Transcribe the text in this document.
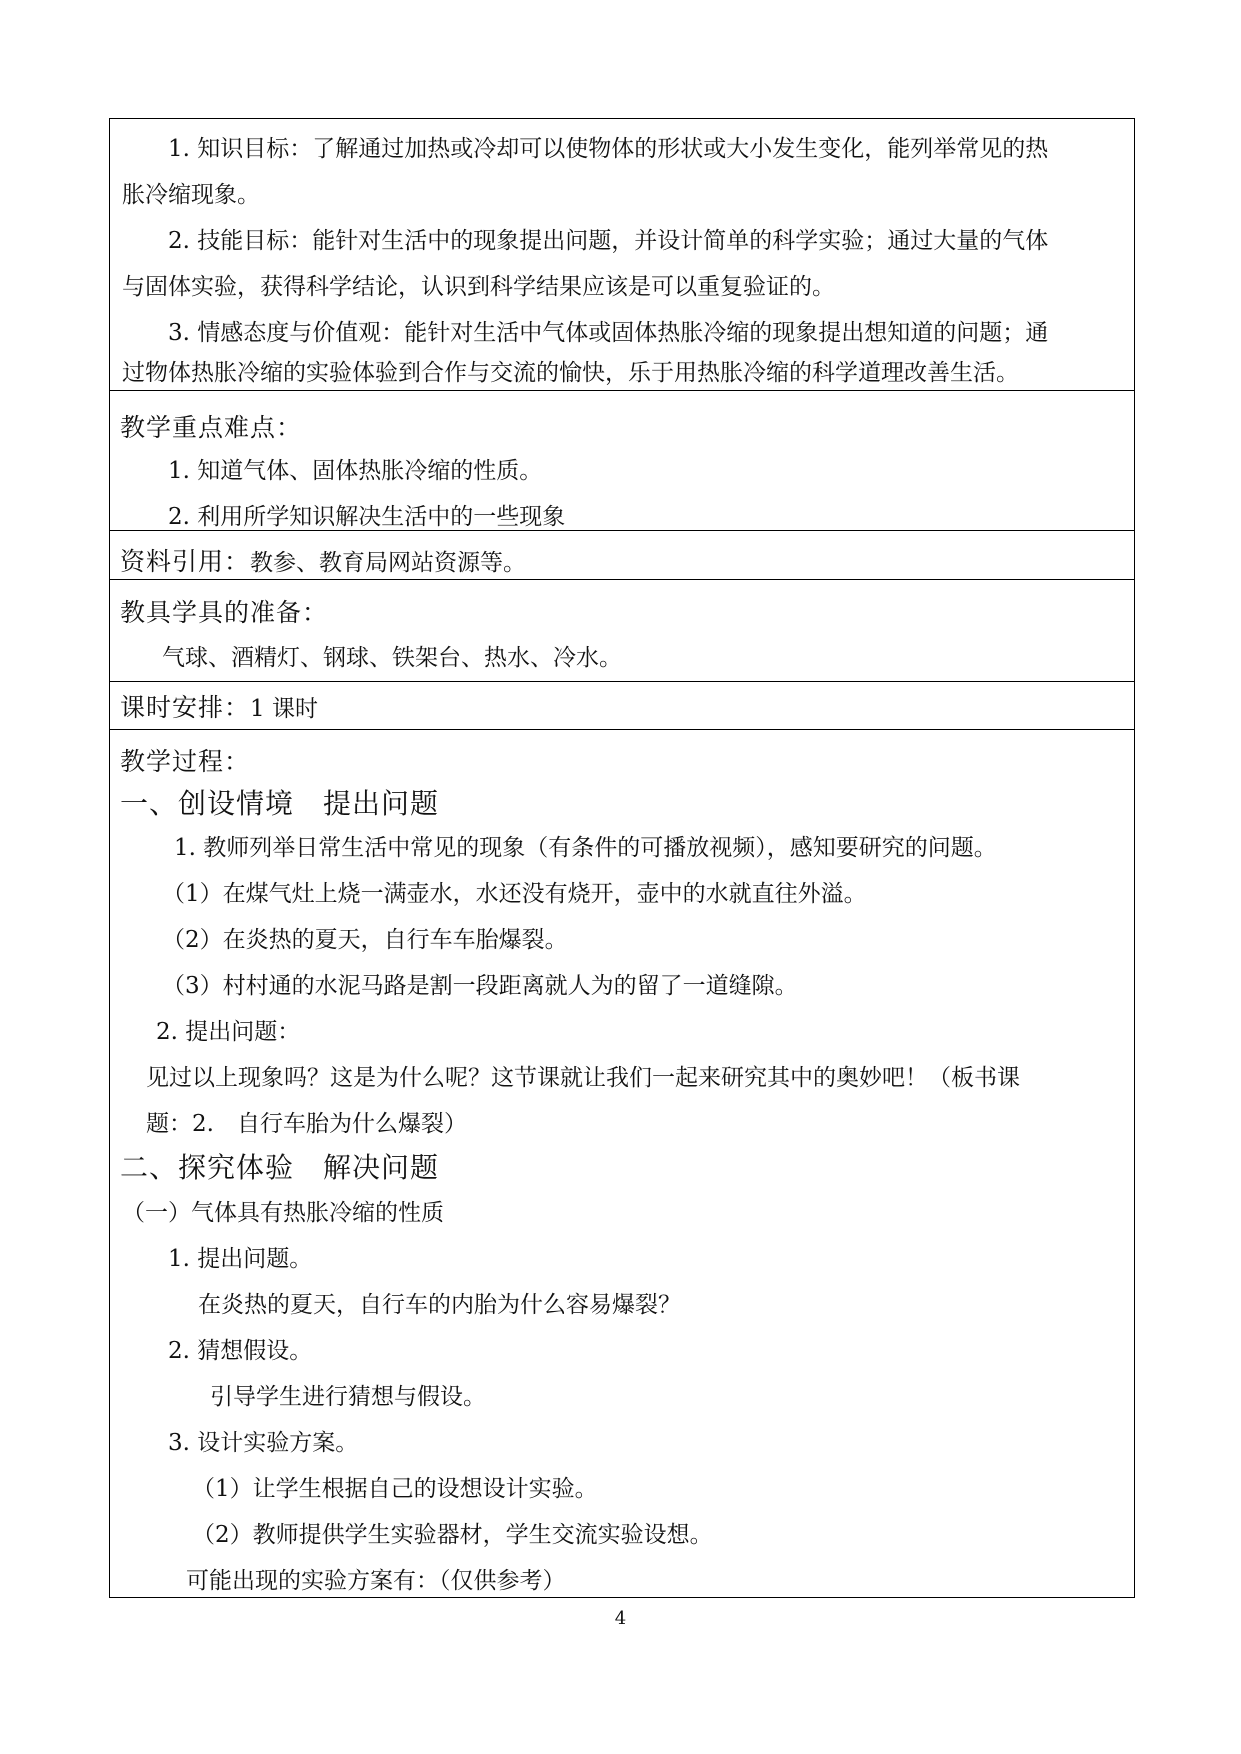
1. 知识目标：了解通过加热或冷却可以使物体的形状或大小发生变化，能列举常见的热
胀冷缩现象。
2. 技能目标：能针对生活中的现象提出问题，并设计简单的科学实验；通过大量的气体
与固体实验，获得科学结论，认识到科学结果应该是可以重复验证的。
3. 情感态度与价值观：能针对生活中气体或固体热胀冷缩的现象提出想知道的问题；通
过物体热胀冷缩的实验体验到合作与交流的愉快，乐于用热胀冷缩的科学道理改善生活。
教学重点难点：
1. 知道气体、固体热胀冷缩的性质。
2. 利用所学知识解决生活中的一些现象
资料引用：教参、教育局网站资源等。
教具学具的准备：
气球、酒精灯、钢球、铁架台、热水、冷水。
课时安排：1 课时
教学过程：
一、创设情境　提出问题
1. 教师列举日常生活中常见的现象（有条件的可播放视频），感知要研究的问题。
（1）在煤气灶上烧一满壶水，水还没有烧开，壶中的水就直往外溢。
（2）在炎热的夏天，自行车车胎爆裂。
（3）村村通的水泥马路是割一段距离就人为的留了一道缝隙。
2. 提出问题：
见过以上现象吗？这是为什么呢？这节课就让我们一起来研究其中的奥妙吧！（板书课
题：2.　自行车胎为什么爆裂）
二、探究体验　解决问题
（一）气体具有热胀冷缩的性质
1. 提出问题。
在炎热的夏天，自行车的内胎为什么容易爆裂？
2. 猜想假设。
引导学生进行猜想与假设。
3. 设计实验方案。
（1）让学生根据自己的设想设计实验。
（2）教师提供学生实验器材，学生交流实验设想。
可能出现的实验方案有：（仅供参考）
4
